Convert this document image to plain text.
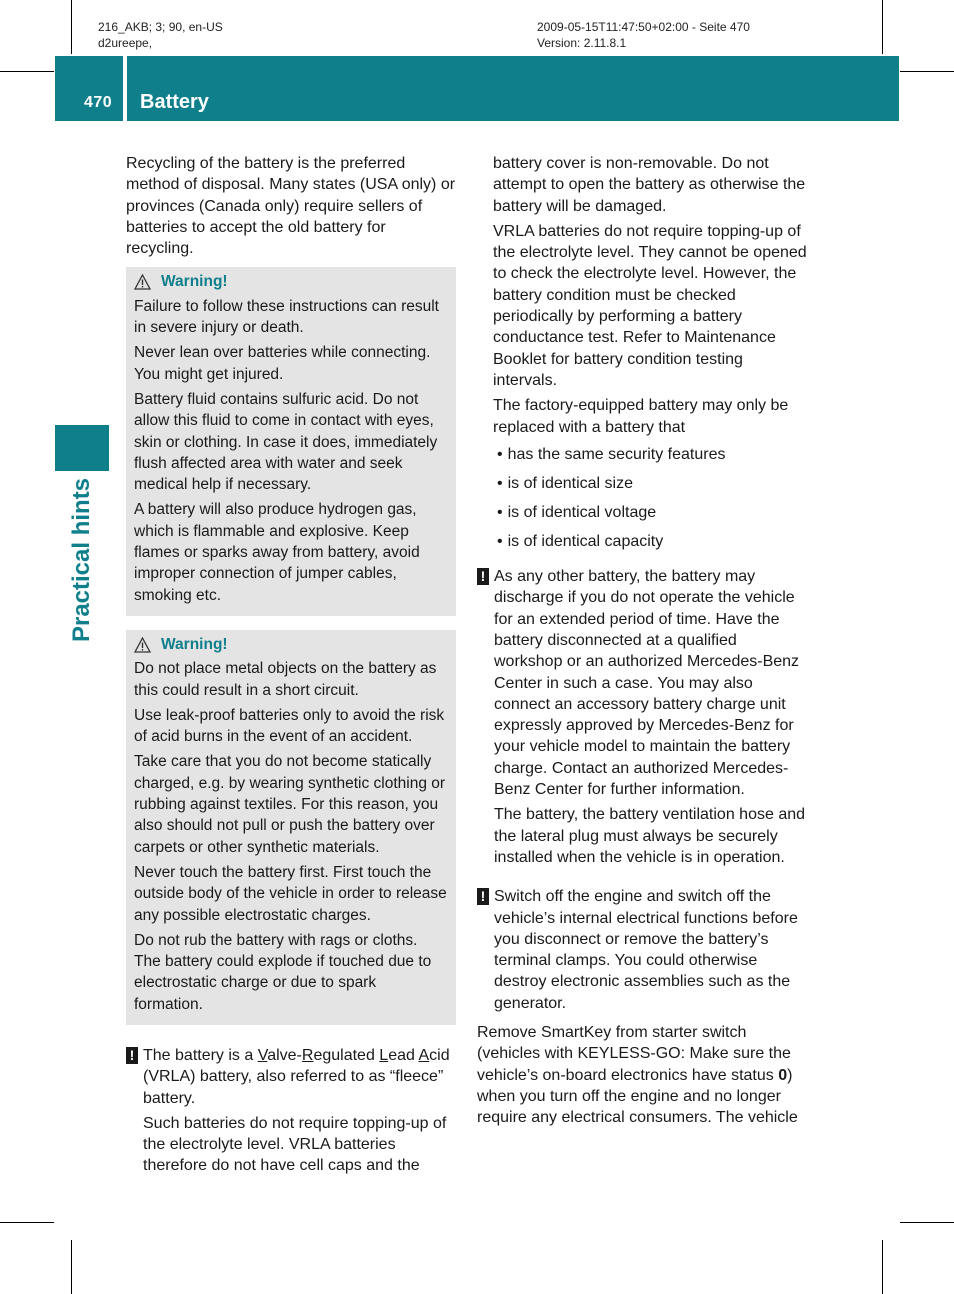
216_AKB; 3; 90, en-US
d2ureepe,
2009-05-15T11:47:50+02:00 - Seite 470
Version: 2.11.8.1
470 Battery
Practical hints

Recycling of the battery is the preferred method of disposal. Many states (USA only) or provinces (Canada only) require sellers of batteries to accept the old battery for recycling.

Warning!

Failure to follow these instructions can result in severe injury or death.

Never lean over batteries while connecting. You might get injured.

Battery fluid contains sulfuric acid. Do not allow this fluid to come in contact with eyes, skin or clothing. In case it does, immediately flush affected area with water and seek medical help if necessary.

A battery will also produce hydrogen gas, which is flammable and explosive. Keep flames or sparks away from battery, avoid improper connection of jumper cables, smoking etc.

Warning!

Do not place metal objects on the battery as this could result in a short circuit.

Use leak-proof batteries only to avoid the risk of acid burns in the event of an accident.

Take care that you do not become statically charged, e.g. by wearing synthetic clothing or rubbing against textiles. For this reason, you also should not pull or push the battery over carpets or other synthetic materials.

Never touch the battery first. First touch the outside body of the vehicle in order to release any possible electrostatic charges.

Do not rub the battery with rags or cloths. The battery could explode if touched due to electrostatic charge or due to spark formation.

! The battery is a Valve-Regulated Lead Acid (VRLA) battery, also referred to as “fleece” battery.

Such batteries do not require topping-up of the electrolyte level. VRLA batteries therefore do not have cell caps and the

battery cover is non-removable. Do not attempt to open the battery as otherwise the battery will be damaged.

VRLA batteries do not require topping-up of the electrolyte level. They cannot be opened to check the electrolyte level. However, the battery condition must be checked periodically by performing a battery conductance test. Refer to Maintenance Booklet for battery condition testing intervals.

The factory-equipped battery may only be replaced with a battery that

• has the same security features
• is of identical size
• is of identical voltage
• is of identical capacity
! As any other battery, the battery may discharge if you do not operate the vehicle for an extended period of time. Have the battery disconnected at a qualified workshop or an authorized Mercedes-Benz Center in such a case. You may also connect an accessory battery charge unit expressly approved by Mercedes-Benz for your vehicle model to maintain the battery charge. Contact an authorized Mercedes-Benz Center for further information.

The battery, the battery ventilation hose and the lateral plug must always be securely installed when the vehicle is in operation.

! Switch off the engine and switch off the vehicle’s internal electrical functions before you disconnect or remove the battery’s terminal clamps. You could otherwise destroy electronic assemblies such as the generator.

Remove SmartKey from starter switch (vehicles with KEYLESS-GO: Make sure the vehicle’s on-board electronics have status 0) when you turn off the engine and no longer require any electrical consumers. The vehicle
